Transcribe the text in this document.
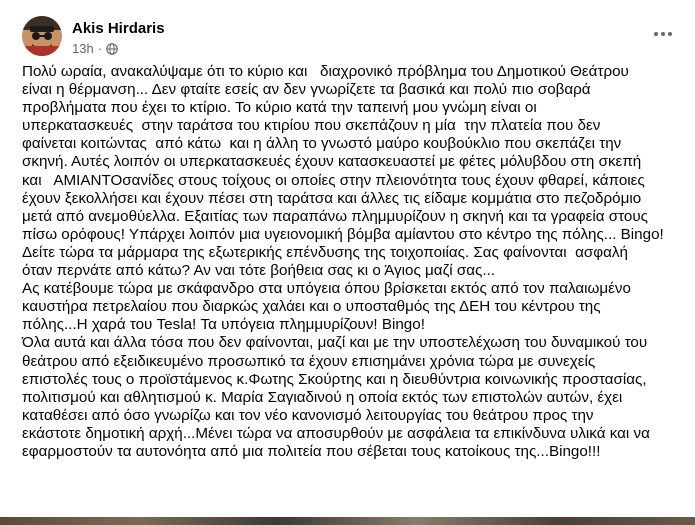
Akis Hirdaris
13h ·
Πολύ ωραία, ανακαλύψαμε ότι το κύριο και   διαχρονικό πρόβλημα του Δημοτικού Θεάτρου
είναι η θέρμανση... Δεν φταίτε εσείς αν δεν γνωρίζετε τα βασικά και πολύ πιο σοβαρά
προβλήματα που έχει το κτίριο. Το κύριο κατά την ταπεινή μου γνώμη είναι οι
υπερκατασκευές  στην ταράτσα του κτιρίου που σκεπάζουν η μία  την πλατεία που δεν
φαίνεται κοιτώντας  από κάτω  και η άλλη το γνωστό μαύρο κουβούκλιο που σκεπάζει την
σκηνή. Αυτές λοιπόν οι υπερκατασκευές έχουν κατασκευαστεί με φέτες μόλυβδου στη σκεπή
και   ΑΜΙΑΝΤΟσανίδες στους τοίχους οι οποίες στην πλειονότητα τους έχουν φθαρεί, κάποιες
έχουν ξεκολλήσει και έχουν πέσει στη ταράτσα και άλλες τις είδαμε κομμάτια στο πεζοδρόμιο
μετά από ανεμοθύελλα. Εξαιτίας των παραπάνω πλημμυρίζουν η σκηνή και τα γραφεία στους
πίσω ορόφους! Υπάρχει λοιπόν μια υγειονομική βόμβα αμίαντου στο κέντρο της πόλης... Bingo!
Δείτε τώρα τα μάρμαρα της εξωτερικής επένδυσης της τοιχοποιίας. Σας φαίνονται  ασφαλή
όταν περνάτε από κάτω? Αν ναι τότε βοήθεια σας κι ο Άγιος μαζί σας...
Ας κατέβουμε τώρα με σκάφανδρο στα υπόγεια όπου βρίσκεται εκτός από τον παλαιωμένο
καυστήρα πετρελαίου που διαρκώς χαλάει και ο υποσταθμός της ΔΕΗ του κέντρου της
πόλης...Η χαρά του Tesla! Τα υπόγεια πλημμυρίζουν! Bingo!
Όλα αυτά και άλλα τόσα που δεν φαίνονται, μαζί και με την υποστελέχωση του δυναμικού του
θεάτρου από εξειδικευμένο προσωπικό τα έχουν επισημάνει χρόνια τώρα με συνεχείς
επιστολές τους ο προϊστάμενος κ.Φωτης Σκούρτης και η διευθύντρια κοινωνικής προστασίας,
πολιτισμού και αθλητισμού κ. Μαρία Σαγιαδινού η οποία εκτός των επιστολών αυτών, έχει
καταθέσει από όσο γνωρίζω και τον νέο κανονισμό λειτουργίας του θεάτρου προς την
εκάστοτε δημοτική αρχή...Μένει τώρα να αποσυρθούν με ασφάλεια τα επικίνδυνα υλικά και να
εφαρμοστούν τα αυτονόητα από μια πολιτεία που σέβεται τους κατοίκους της...Bingo!!!
